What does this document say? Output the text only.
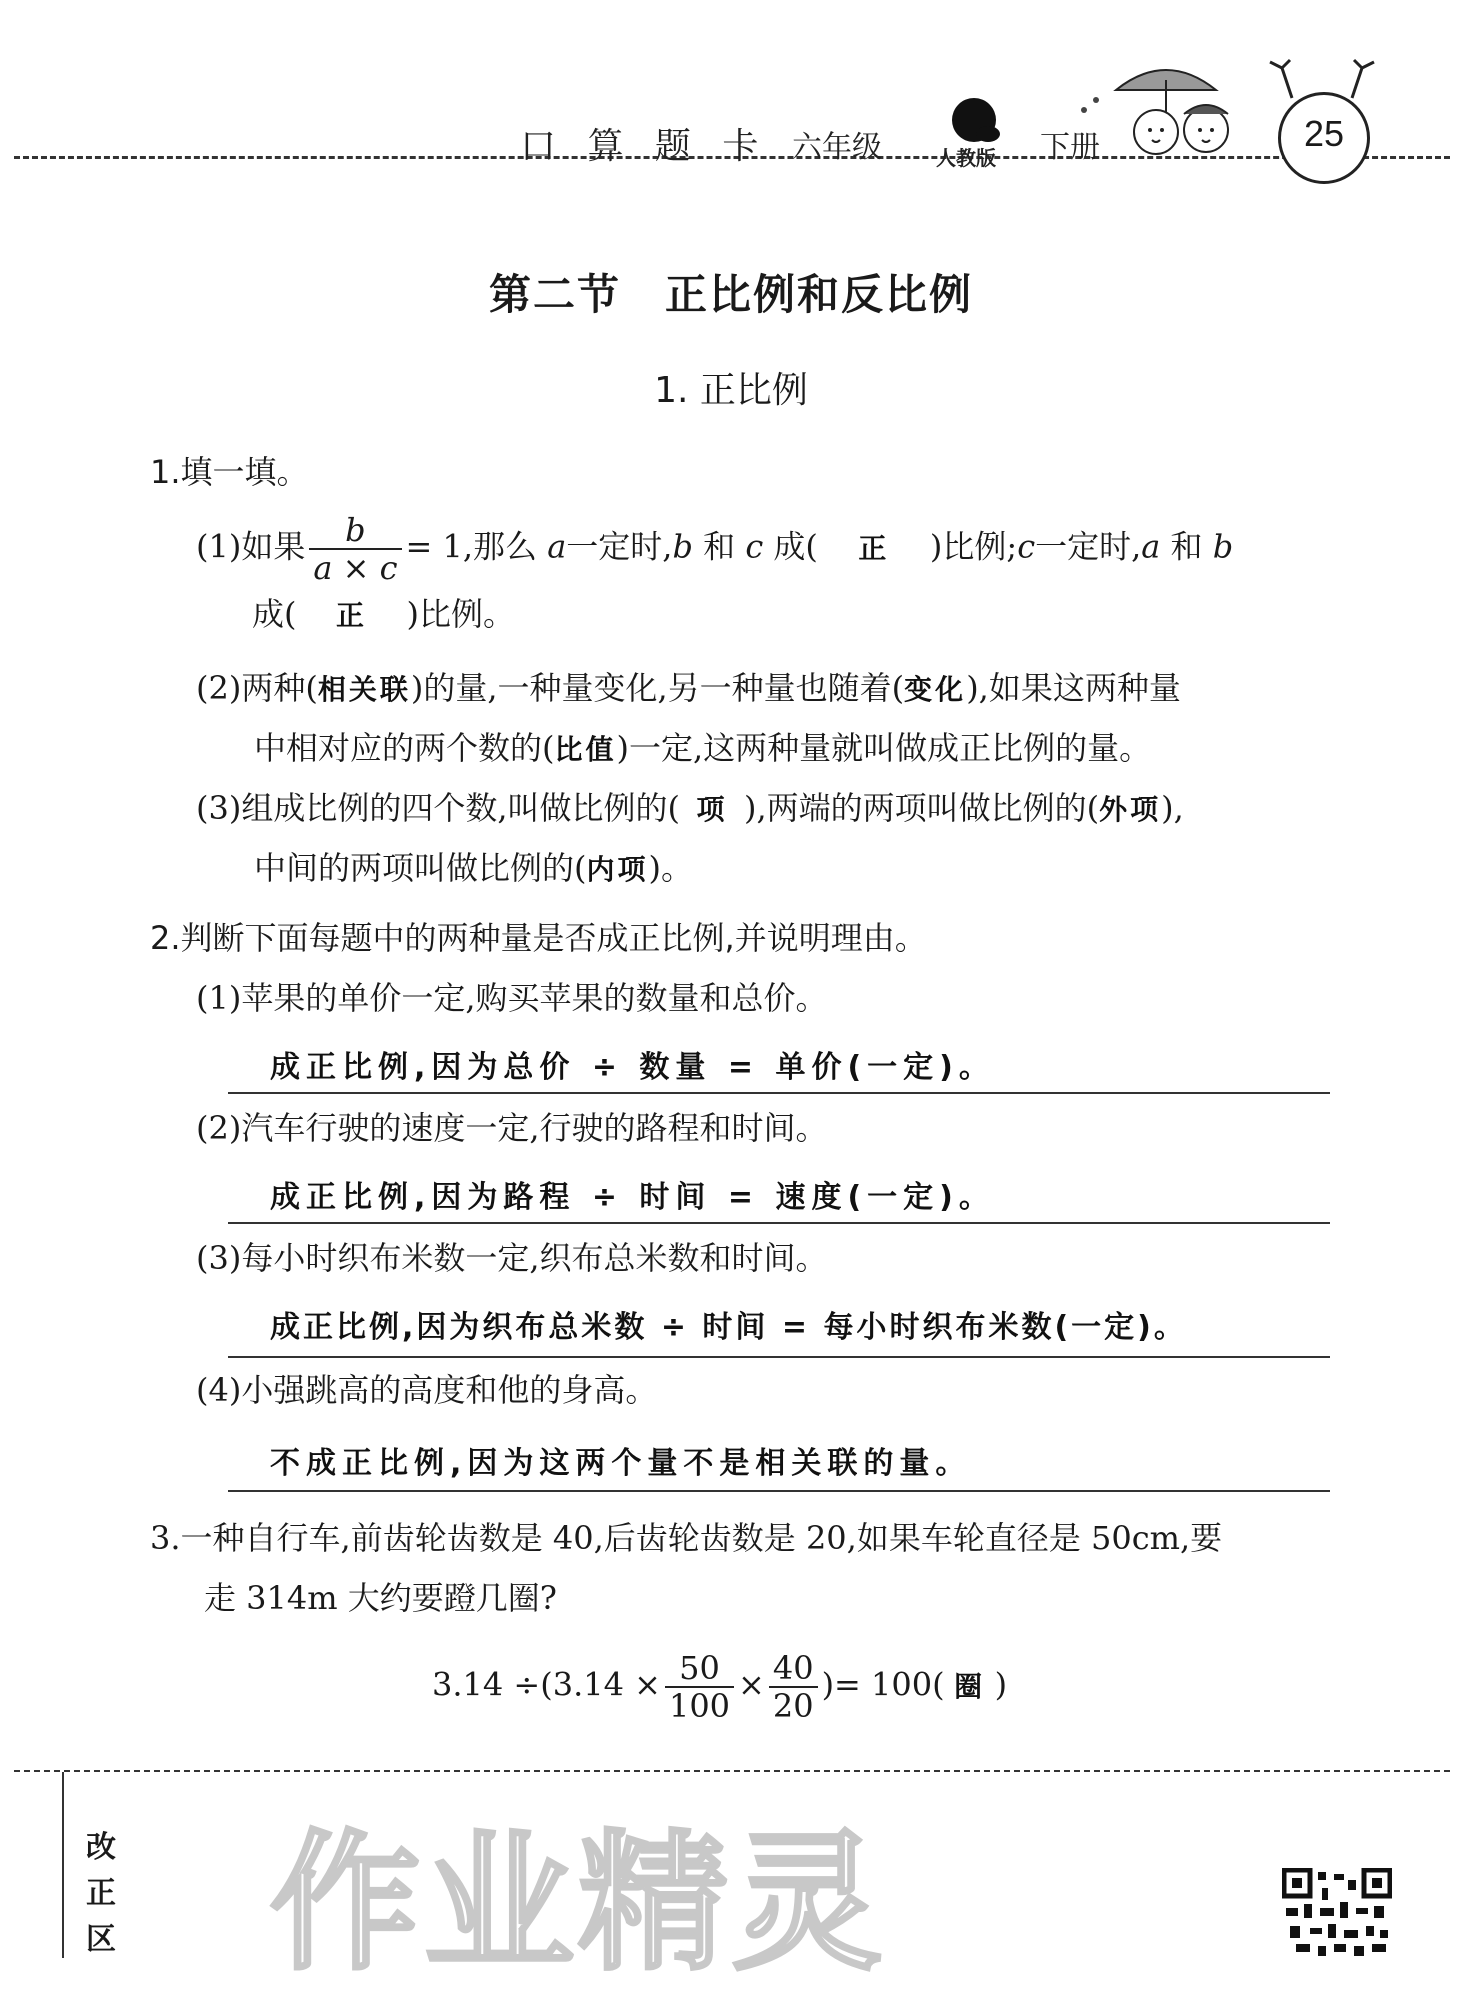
口 算 题 卡 六年级	人教版 下册	25
第二节　正比例和反比例
1. 正比例
1.填一填。
(1)如果 $\frac{b}{a \times c} = 1$,那么 a一定时,b 和 c 成( 正 )比例;c一定时,a 和 b
成( 正 )比例。
(2)两种(相关联)的量,一种量变化,另一种量也随着(变化),如果这两种量
中相对应的两个数的(比值)一定,这两种量就叫做成正比例的量。
(3)组成比例的四个数,叫做比例的( 项 ),两端的两项叫做比例的(外项),
中间的两项叫做比例的(内项)。
2.判断下面每题中的两种量是否成正比例,并说明理由。
(1)苹果的单价一定,购买苹果的数量和总价。
成正比例,因为总价 ÷ 数量 = 单价(一定)。
(2)汽车行驶的速度一定,行驶的路程和时间。
成正比例,因为路程 ÷ 时间 = 速度(一定)。
(3)每小时织布米数一定,织布总米数和时间。
成正比例,因为织布总米数 ÷ 时间 = 每小时织布米数(一定)。
(4)小强跳高的高度和他的身高。
不成正比例,因为这两个量不是相关联的量。
3.一种自行车,前齿轮齿数是 40,后齿轮齿数是 20,如果车轮直径是 50cm,要
走 314m 大约要蹬几圈?
$3.14 \div(3.14 \times \frac{50}{100} \times \frac{40}{20}$ )= 100( 圈 )
改
正
区 作业精灵
